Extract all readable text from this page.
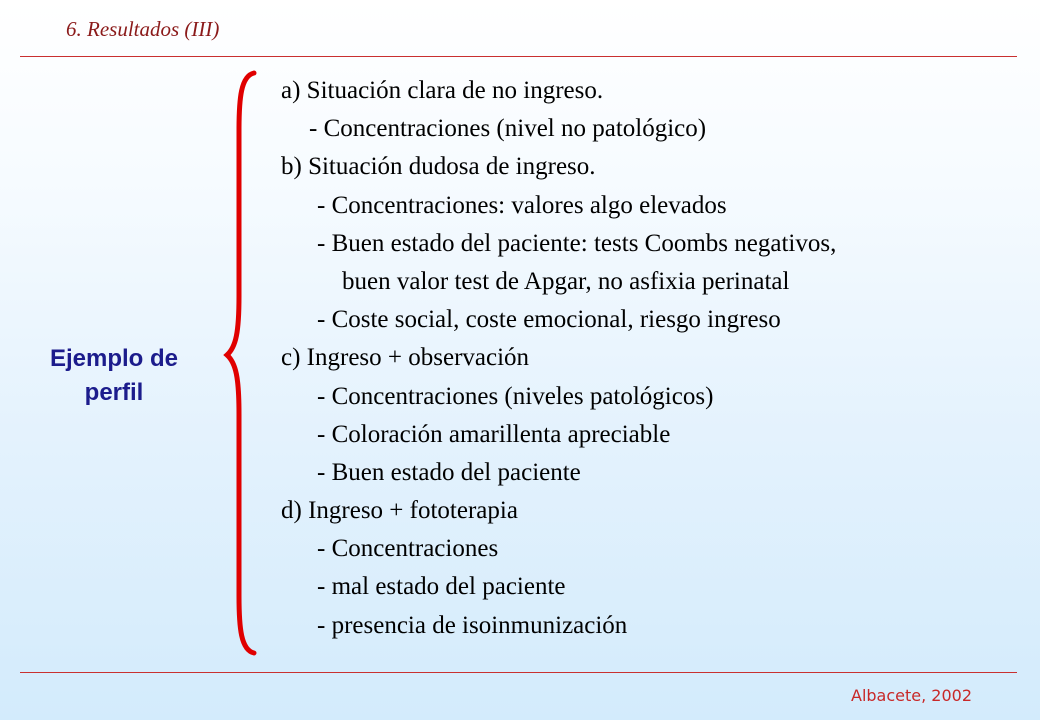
6. Resultados (III)
Ejemplo de
perfil
a) Situación clara de no ingreso.
- Concentraciones (nivel no patológico)
b) Situación dudosa de ingreso.
- Concentraciones: valores algo elevados
- Buen estado del paciente: tests Coombs negativos,
buen valor test de Apgar, no asfixia perinatal
- Coste social, coste emocional, riesgo ingreso
c) Ingreso + observación
- Concentraciones (niveles patológicos)
- Coloración amarillenta apreciable
- Buen estado del paciente
d) Ingreso + fototerapia
- Concentraciones
- mal estado del paciente
- presencia de isoinmunización
Albacete, 2002
